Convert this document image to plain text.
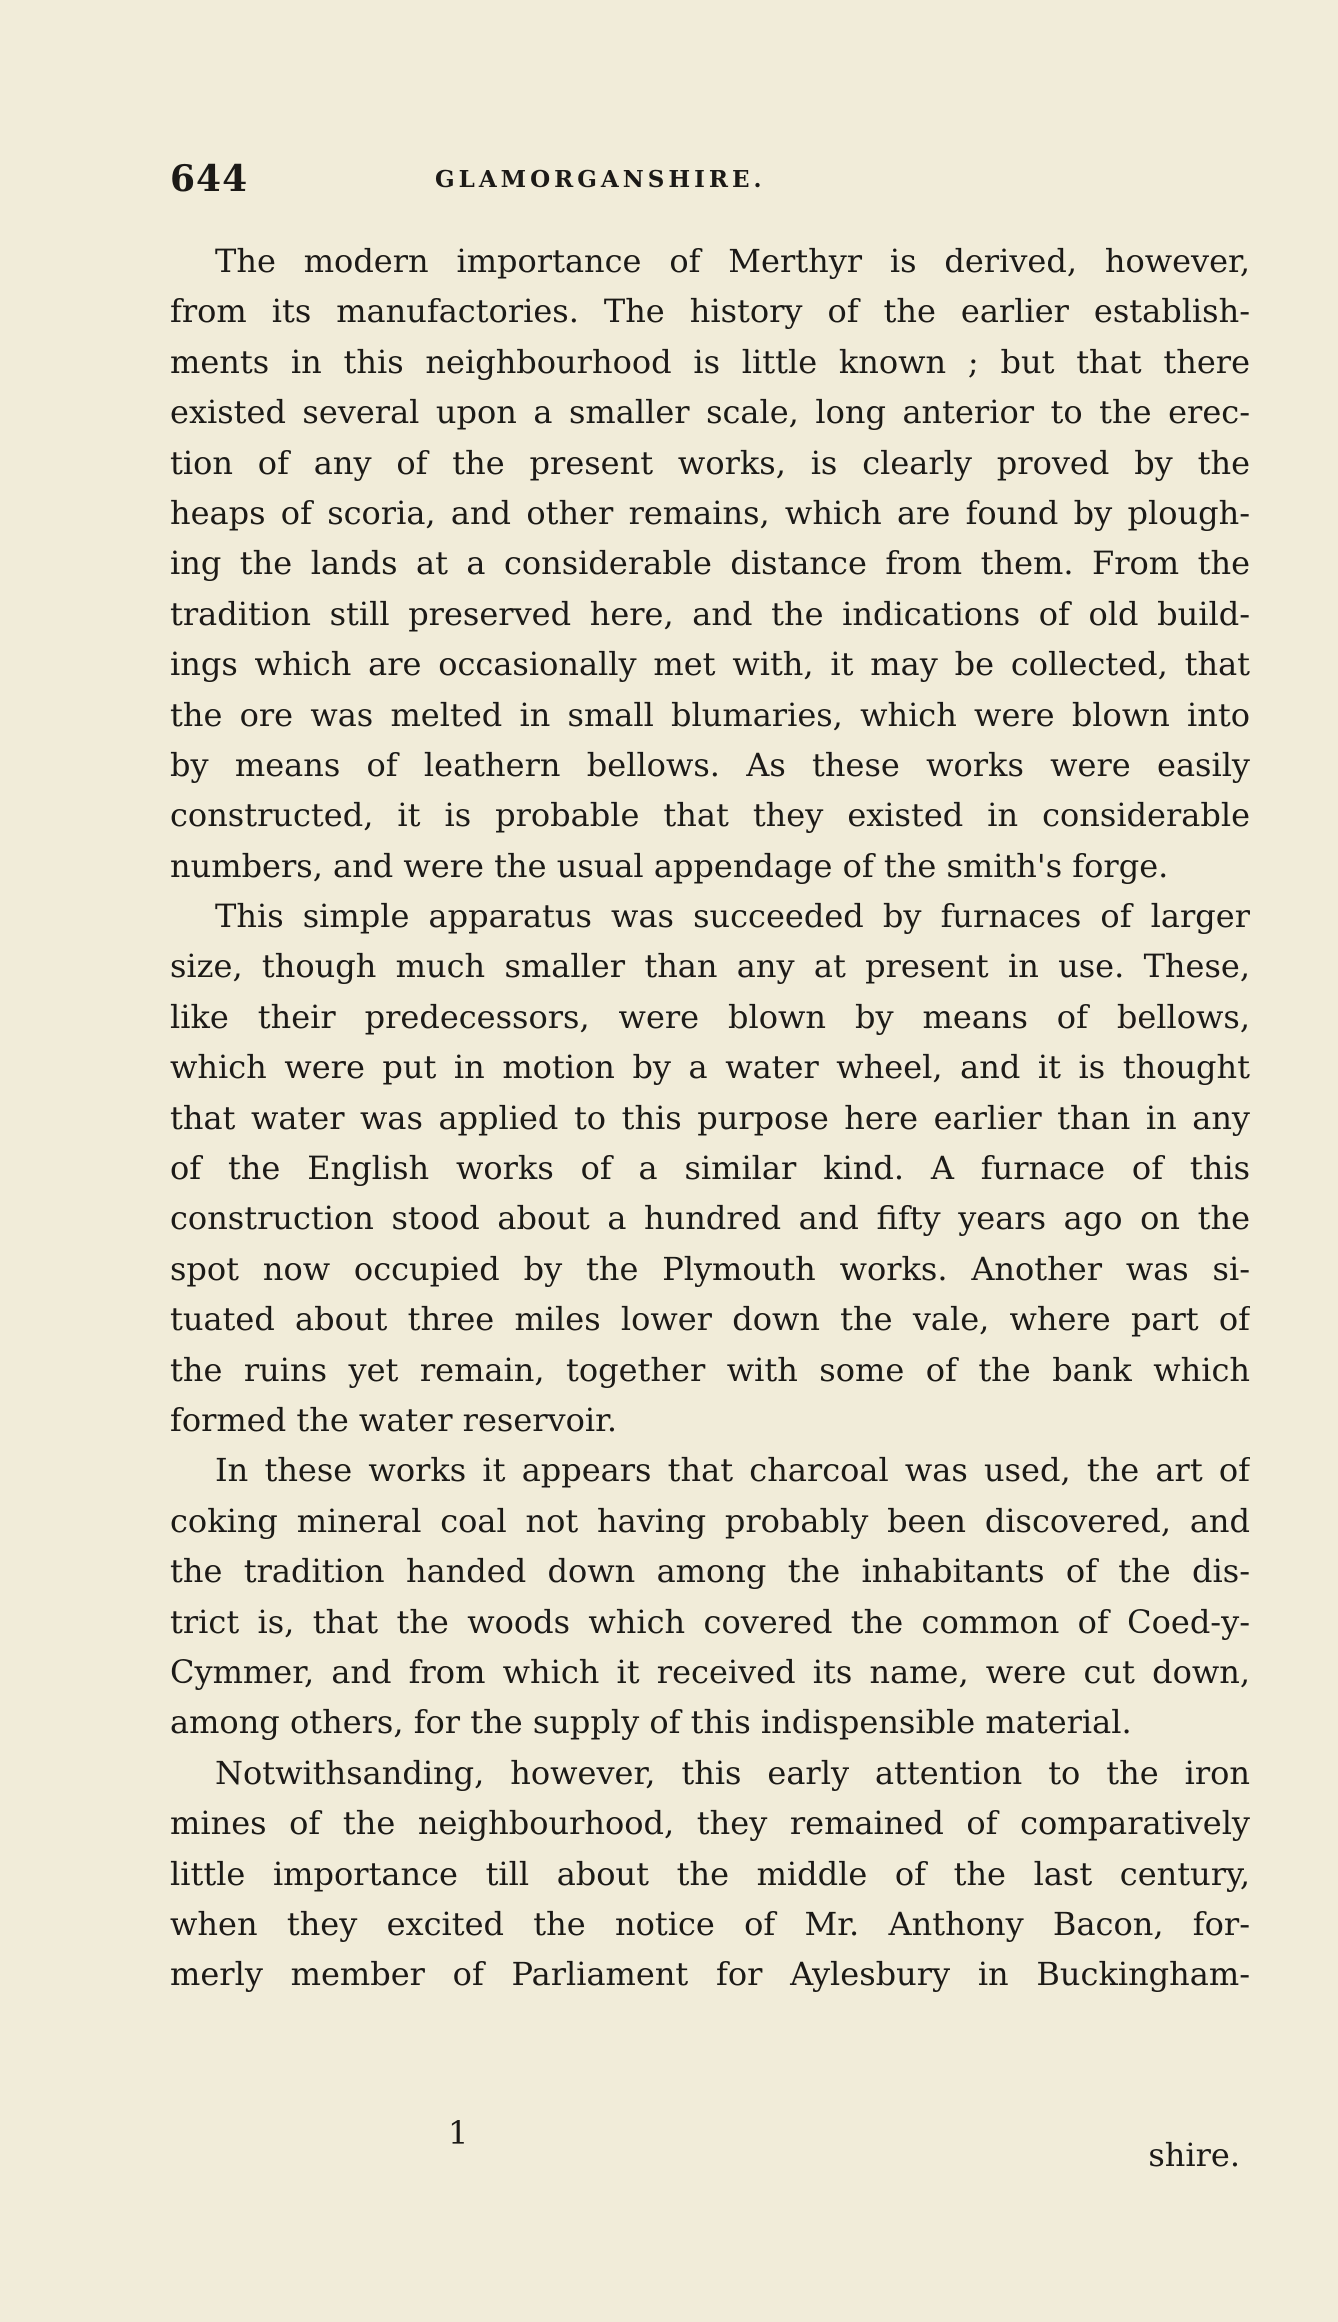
644	GLAMORGANSHIRE.
The modern importance of Merthyr is derived, however,
from its manufactories. The history of the earlier establish-
ments in this neighbourhood is little known ; but that there
existed several upon a smaller scale, long anterior to the erec-
tion of any of the present works, is clearly proved by the
heaps of scoria, and other remains, which are found by plough-
ing the lands at a considerable distance from them. From the
tradition still preserved here, and the indications of old build-
ings which are occasionally met with, it may be collected, that
the ore was melted in small blumaries, which were blown into
by means of leathern bellows. As these works were easily
constructed, it is probable that they existed in considerable
numbers, and were the usual appendage of the smith's forge.
This simple apparatus was succeeded by furnaces of larger
size, though much smaller than any at present in use. These,
like their predecessors, were blown by means of bellows,
which were put in motion by a water wheel, and it is thought
that water was applied to this purpose here earlier than in any
of the English works of a similar kind. A furnace of this
construction stood about a hundred and fifty years ago on the
spot now occupied by the Plymouth works. Another was si-
tuated about three miles lower down the vale, where part of
the ruins yet remain, together with some of the bank which
formed the water reservoir.
In these works it appears that charcoal was used, the art of
coking mineral coal not having probably been discovered, and
the tradition handed down among the inhabitants of the dis-
trict is, that the woods which covered the common of Coed-y-
Cymmer, and from which it received its name, were cut down,
among others, for the supply of this indispensible material.
Notwithsanding, however, this early attention to the iron
mines of the neighbourhood, they remained of comparatively
little importance till about the middle of the last century,
when they excited the notice of Mr. Anthony Bacon, for-
merly member of Parliament for Aylesbury in Buckingham-
1
shire.
